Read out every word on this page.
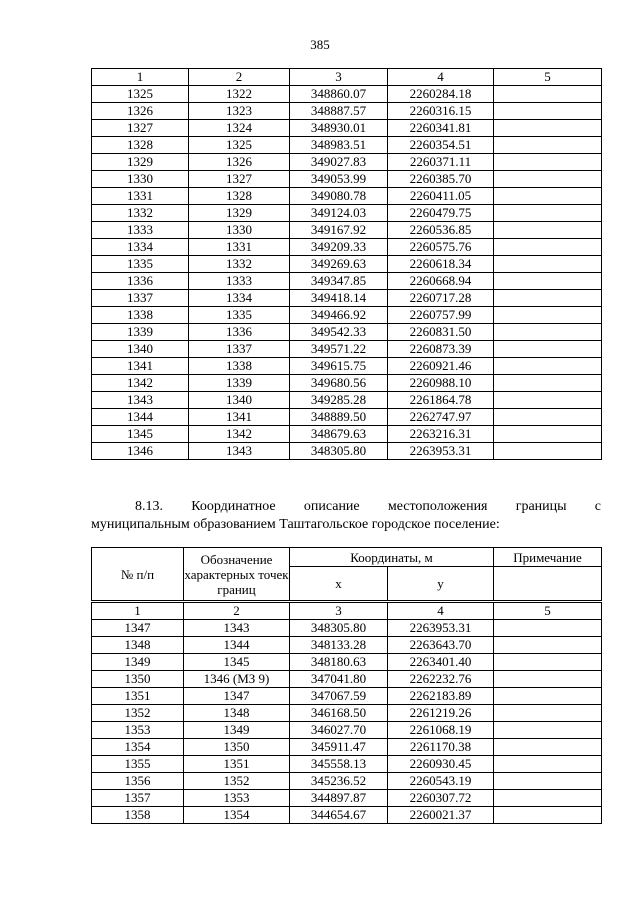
385
1	2	3	4	5
1325	1322	348860.07	2260284.18	
1326	1323	348887.57	2260316.15	
1327	1324	348930.01	2260341.81	
1328	1325	348983.51	2260354.51	
1329	1326	349027.83	2260371.11	
1330	1327	349053.99	2260385.70	
1331	1328	349080.78	2260411.05	
1332	1329	349124.03	2260479.75	
1333	1330	349167.92	2260536.85	
1334	1331	349209.33	2260575.76	
1335	1332	349269.63	2260618.34	
1336	1333	349347.85	2260668.94	
1337	1334	349418.14	2260717.28	
1338	1335	349466.92	2260757.99	
1339	1336	349542.33	2260831.50	
1340	1337	349571.22	2260873.39	
1341	1338	349615.75	2260921.46	
1342	1339	349680.56	2260988.10	
1343	1340	349285.28	2261864.78	
1344	1341	348889.50	2262747.97	
1345	1342	348679.63	2263216.31	
1346	1343	348305.80	2263953.31	
8.13. Координатное описание местоположения границы с
муниципальным образованием Таштагольское городское поселение:
№ п/п	Обозначение характерных точек границ	Координаты, м		Примечание
		x	y	
1	2	3	4	5
1347	1343	348305.80	2263953.31	
1348	1344	348133.28	2263643.70	
1349	1345	348180.63	2263401.40	
1350	1346 (МЗ 9)	347041.80	2262232.76	
1351	1347	347067.59	2262183.89	
1352	1348	346168.50	2261219.26	
1353	1349	346027.70	2261068.19	
1354	1350	345911.47	2261170.38	
1355	1351	345558.13	2260930.45	
1356	1352	345236.52	2260543.19	
1357	1353	344897.87	2260307.72	
1358	1354	344654.67	2260021.37	
